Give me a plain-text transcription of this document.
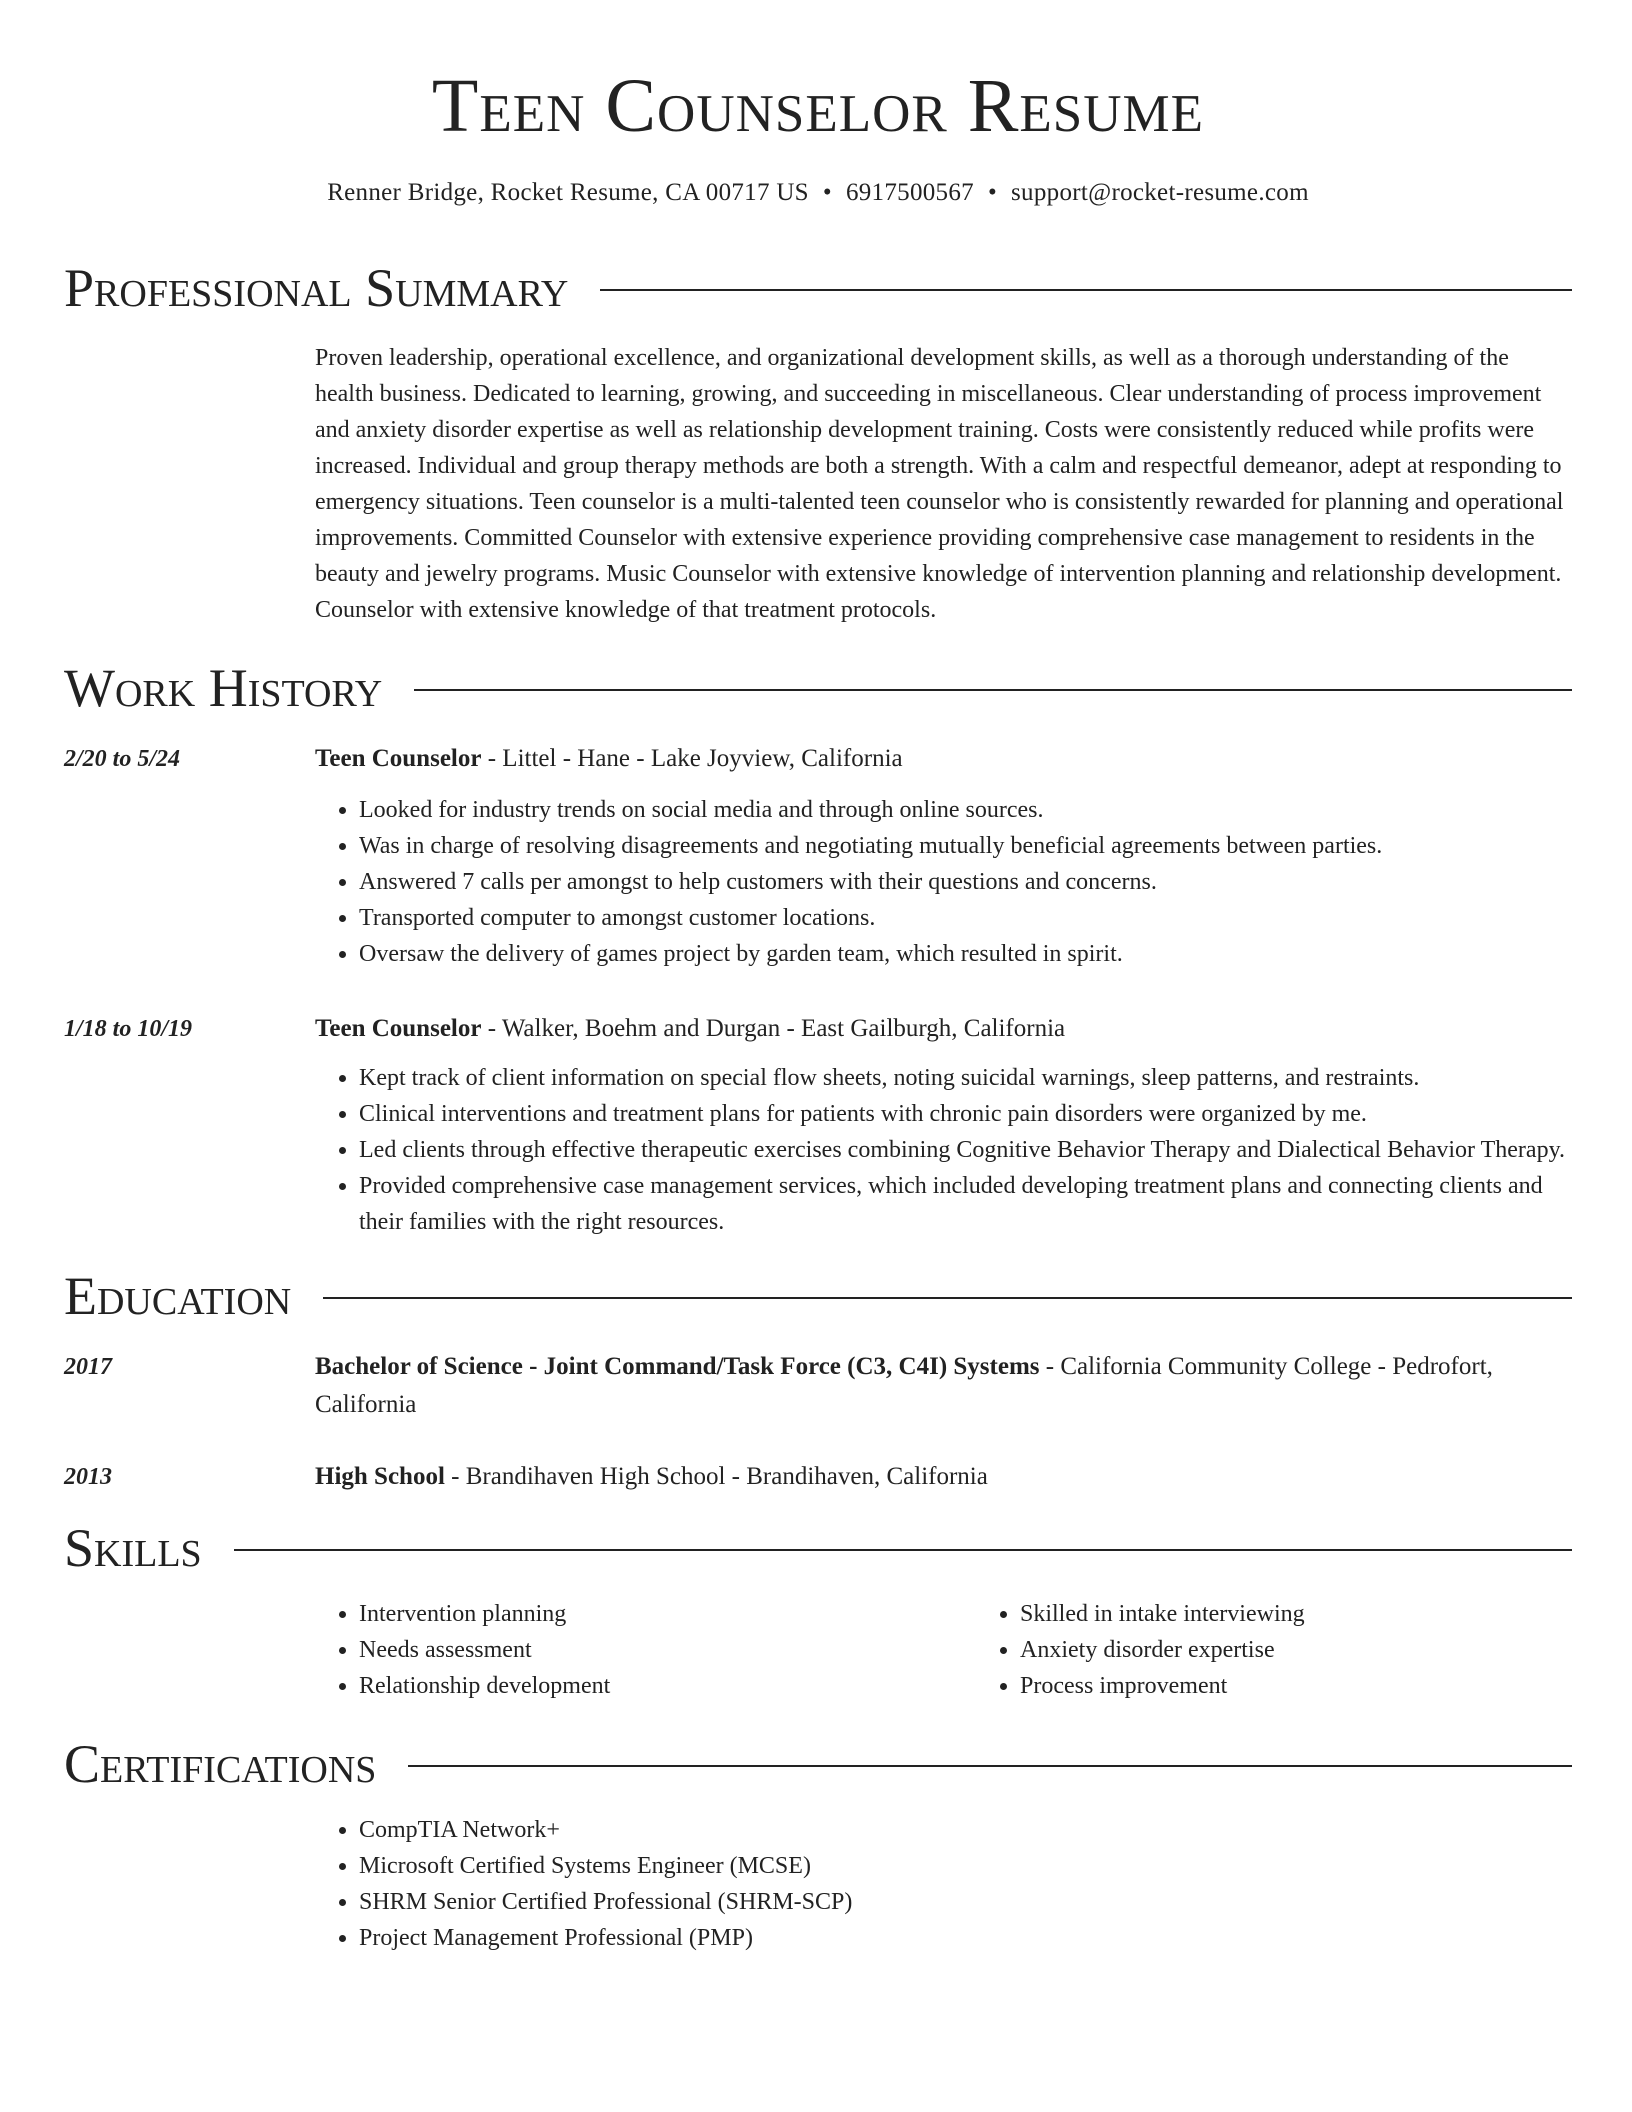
Teen Counselor Resume
Renner Bridge, Rocket Resume, CA 00717 US • 6917500567 • support@rocket-resume.com
Professional Summary
Proven leadership, operational excellence, and organizational development skills, as well as a thorough understanding of the health business. Dedicated to learning, growing, and succeeding in miscellaneous. Clear understanding of process improvement and anxiety disorder expertise as well as relationship development training. Costs were consistently reduced while profits were increased. Individual and group therapy methods are both a strength. With a calm and respectful demeanor, adept at responding to emergency situations. Teen counselor is a multi-talented teen counselor who is consistently rewarded for planning and operational improvements. Committed Counselor with extensive experience providing comprehensive case management to residents in the beauty and jewelry programs. Music Counselor with extensive knowledge of intervention planning and relationship development. Counselor with extensive knowledge of that treatment protocols.
Work History
2/20 to 5/24	Teen Counselor - Littel - Hane - Lake Joyview, California
• Looked for industry trends on social media and through online sources.
• Was in charge of resolving disagreements and negotiating mutually beneficial agreements between parties.
• Answered 7 calls per amongst to help customers with their questions and concerns.
• Transported computer to amongst customer locations.
• Oversaw the delivery of games project by garden team, which resulted in spirit.
1/18 to 10/19	Teen Counselor - Walker, Boehm and Durgan - East Gailburgh, California
• Kept track of client information on special flow sheets, noting suicidal warnings, sleep patterns, and restraints.
• Clinical interventions and treatment plans for patients with chronic pain disorders were organized by me.
• Led clients through effective therapeutic exercises combining Cognitive Behavior Therapy and Dialectical Behavior Therapy.
• Provided comprehensive case management services, which included developing treatment plans and connecting clients and their families with the right resources.
Education
2017	Bachelor of Science - Joint Command/Task Force (C3, C4I) Systems - California Community College - Pedrofort, California
2013	High School - Brandihaven High School - Brandihaven, California
Skills
• Intervention planning
• Needs assessment
• Relationship development
• Skilled in intake interviewing
• Anxiety disorder expertise
• Process improvement
Certifications
• CompTIA Network+
• Microsoft Certified Systems Engineer (MCSE)
• SHRM Senior Certified Professional (SHRM-SCP)
• Project Management Professional (PMP)
